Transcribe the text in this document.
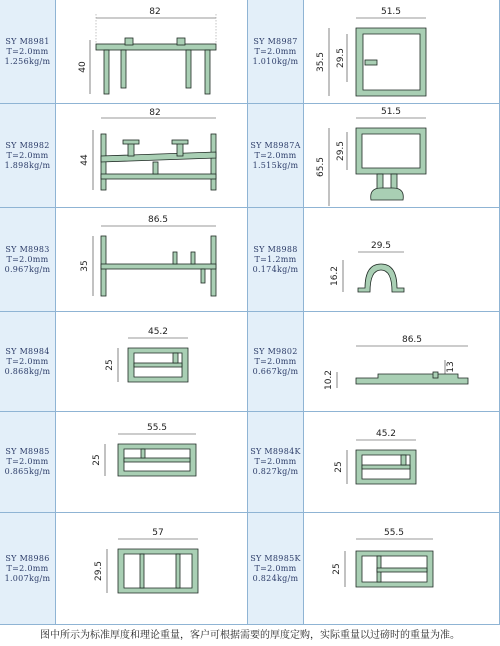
SY M8981
T=2.0mm
1.256kg/m
82
40
SY M8987
T=2.0mm
1.010kg/m
51.5
35.5 29.5
SY M8982
T=2.0mm
1.898kg/m
82
44
SY M8987A
T=2.0mm
1.515kg/m
51.5
29.5
65.5
SY M8983
T=2.0mm
0.967kg/m
86.5
35
SY M8988
T=1.2mm
0.174kg/m
29.5
16.2
SY M8984
T=2.0mm
0.868kg/m
45.2
25
SY M9802
T=2.0mm
0.667kg/m
86.5
10.2
13
SY M8985
T=2.0mm
0.865kg/m
55.5
25
SY M8984K
T=2.0mm
0.827kg/m
45.2
25
SY M8986
T=2.0mm
1.007kg/m
57
29.5
SY M8985K
T=2.0mm
0.824kg/m
55.5
25
图中所示为标准厚度和理论重量，客户可根据需要的厚度定购，实际重量以过磅时的重量为准。
